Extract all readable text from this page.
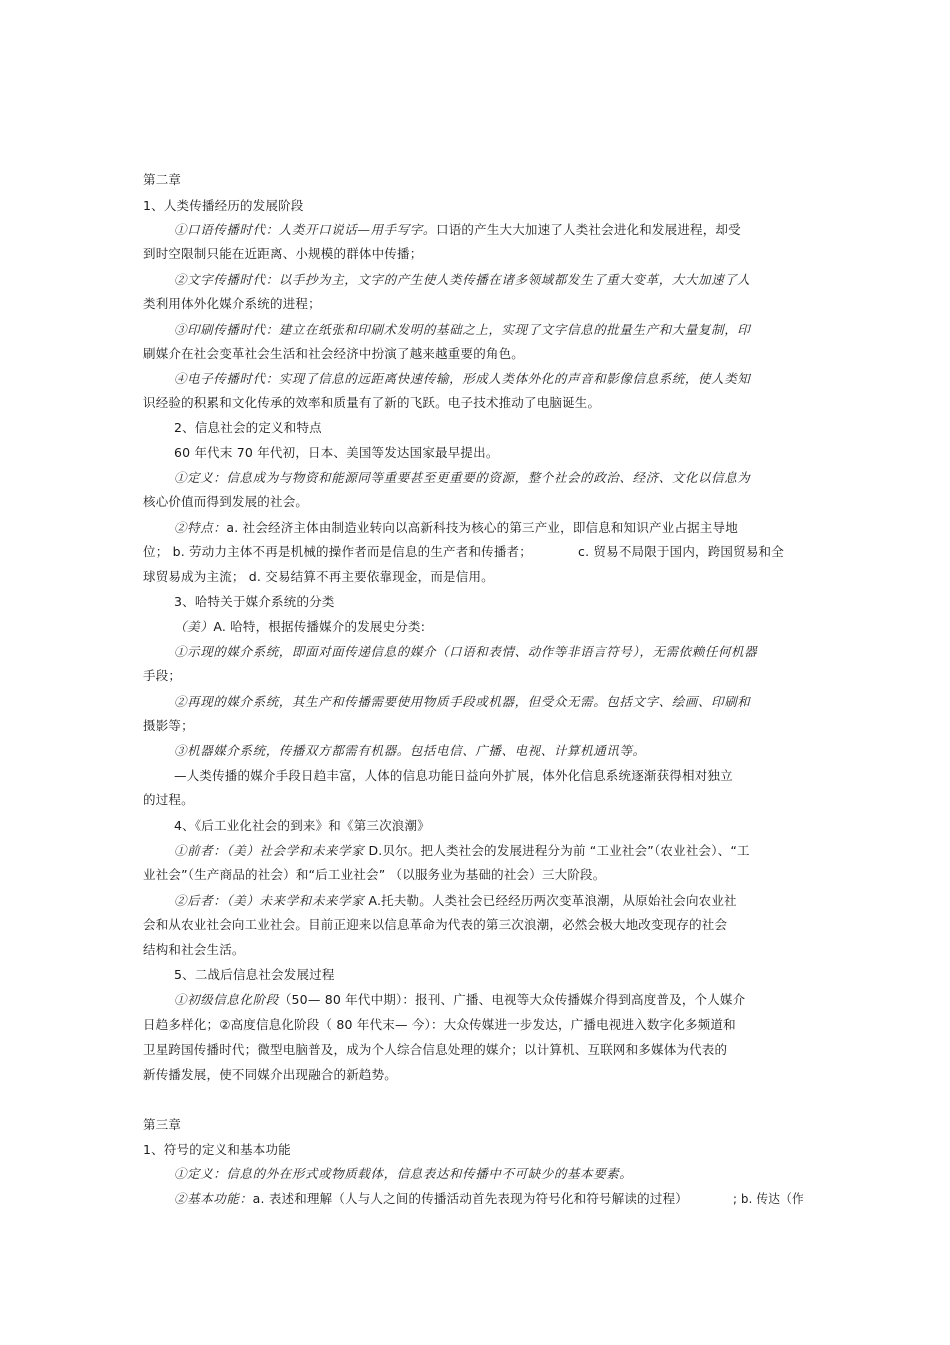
第二章
1、人类传播经历的发展阶段
①口语传播时代：人类开口说话—用手写字。口语的产生大大加速了人类社会进化和发展进程，却受
到时空限制只能在近距离、小规模的群体中传播；
②文字传播时代：以手抄为主，文字的产生使人类传播在诸多领域都发生了重大变革，大大加速了人
类利用体外化媒介系统的进程；
③印刷传播时代：建立在纸张和印刷术发明的基础之上，实现了文字信息的批量生产和大量复制，印
刷媒介在社会变革社会生活和社会经济中扮演了越来越重要的角色。
④电子传播时代：实现了信息的远距离快速传输，形成人类体外化的声音和影像信息系统，使人类知
识经验的积累和文化传承的效率和质量有了新的飞跃。电子技术推动了电脑诞生。
2、信息社会的定义和特点
60 年代末 70 年代初，日本、美国等发达国家最早提出。
①定义：信息成为与物资和能源同等重要甚至更重要的资源，整个社会的政治、经济、文化以信息为
核心价值而得到发展的社会。
②特点：a. 社会经济主体由制造业转向以高新科技为核心的第三产业，即信息和知识产业占据主导地
位； b. 劳动力主体不再是机械的操作者而是信息的生产者和传播者；	c. 贸易不局限于国内，跨国贸易和全
球贸易成为主流； d. 交易结算不再主要依靠现金，而是信用。
3、哈特关于媒介系统的分类
（美）A. 哈特，根据传播媒介的发展史分类:
①示现的媒介系统，即面对面传递信息的媒介（口语和表情、动作等非语言符号），无需依赖任何机器
手段；
②再现的媒介系统，其生产和传播需要使用物质手段或机器，但受众无需。包括文字、绘画、印刷和
摄影等；
③机器媒介系统，传播双方都需有机器。包括电信、广播、电视、计算机通讯等。
—人类传播的媒介手段日趋丰富，人体的信息功能日益向外扩展，体外化信息系统逐渐获得相对独立
的过程。
4、《后工业化社会的到来》和《第三次浪潮》
①前者：（美）社会学和未来学家 D.贝尔。把人类社会的发展进程分为前 “工业社会”（农业社会）、“工
业社会”（生产商品的社会）和“后工业社会” （以服务业为基础的社会）三大阶段。
②后者：（美）未来学和未来学家 A.托夫勒。人类社会已经经历两次变革浪潮，从原始社会向农业社
会和从农业社会向工业社会。目前正迎来以信息革命为代表的第三次浪潮，必然会极大地改变现存的社会
结构和社会生活。
5、二战后信息社会发展过程
①初级信息化阶段（50— 80 年代中期）：报刊、广播、电视等大众传播媒介得到高度普及，个人媒介
日趋多样化；②高度信息化阶段（ 80 年代末— 今）：大众传媒进一步发达，广播电视进入数字化多频道和
卫星跨国传播时代；微型电脑普及，成为个人综合信息处理的媒介；以计算机、互联网和多媒体为代表的
新传播发展，使不同媒介出现融合的新趋势。
第三章
1、符号的定义和基本功能
①定义：信息的外在形式或物质载体，信息表达和传播中不可缺少的基本要素。
②基本功能：a. 表述和理解（人与人之间的传播活动首先表现为符号化和符号解读的过程）	; b. 传达（作
